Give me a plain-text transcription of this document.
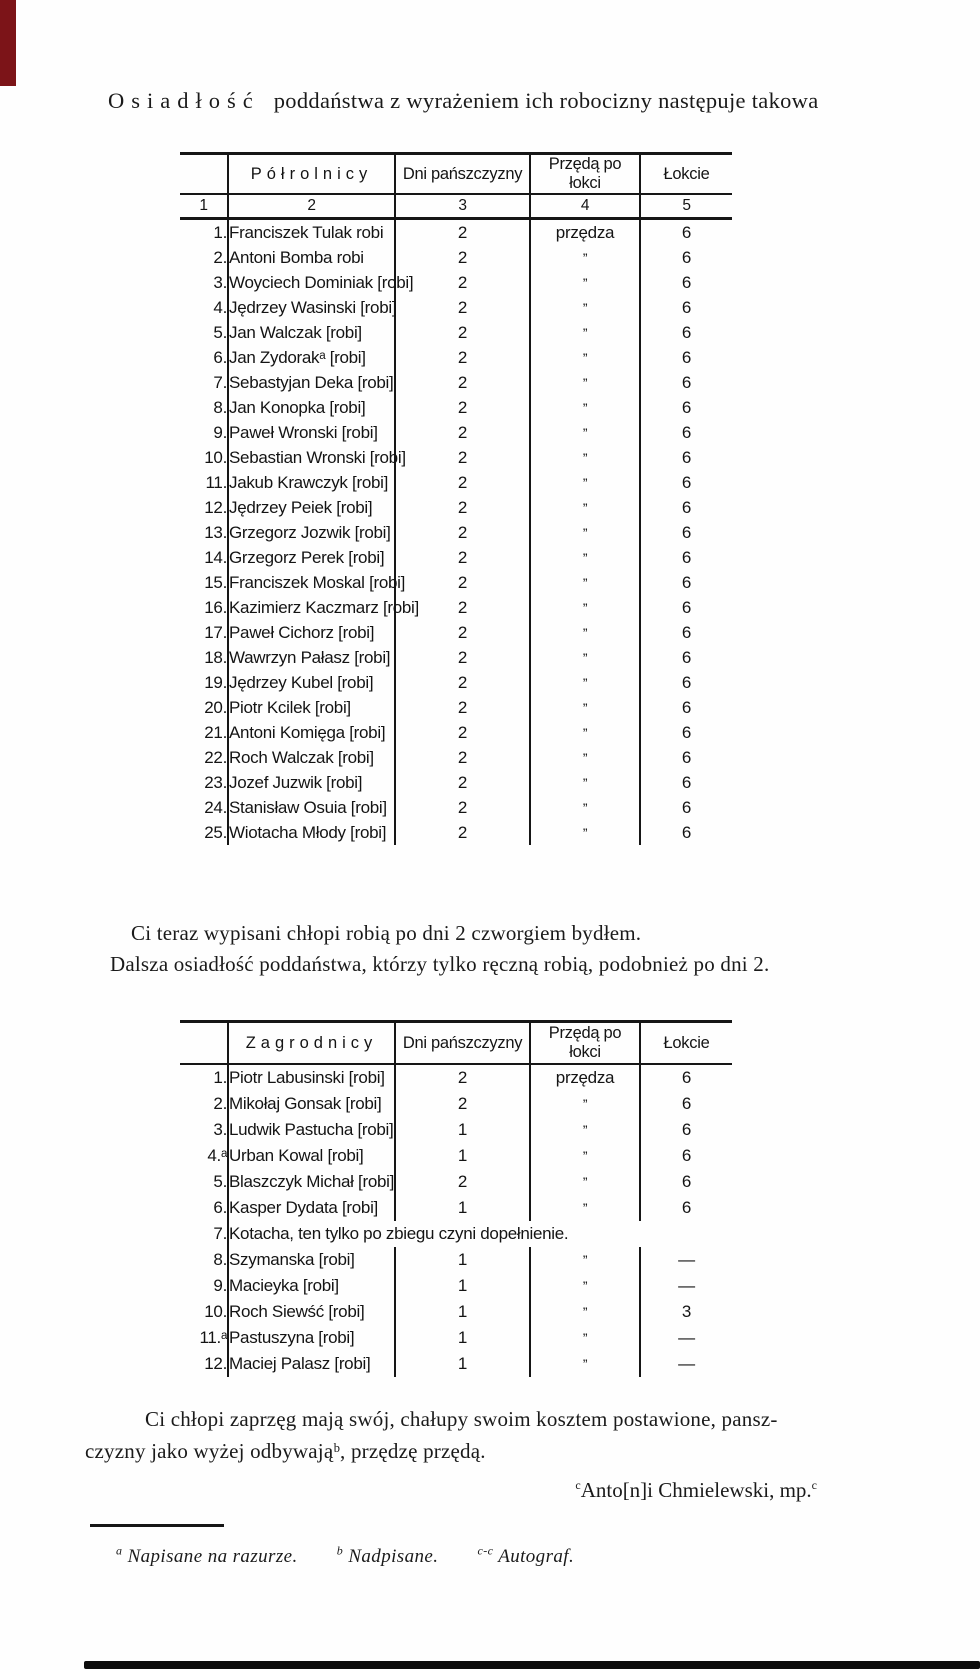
Osiadłość poddaństwa z wyrażeniem ich robocizny następuje takowa
	Półrolnicy	Dni pańszczyzny	Przędą po łokci	Łokcie
1	2	3	4	5
1.	Franciszek Tulak robi	2	przędza	6
2.	Antoni Bomba robi	2	”	6
3.	Woyciech Dominiak [robi]	2	”	6
4.	Jędrzey Wasinski [robi]	2	”	6
5.	Jan Walczak [robi]	2	”	6
6.	Jan Zydorakᵃ [robi]	2	”	6
7.	Sebastyjan Deka [robi]	2	”	6
8.	Jan Konopka [robi]	2	”	6
9.	Paweł Wronski [robi]	2	”	6
10.	Sebastian Wronski [robi]	2	”	6
11.	Jakub Krawczyk [robi]	2	”	6
12.	Jędrzey Peiek [robi]	2	”	6
13.	Grzegorz Jozwik [robi]	2	”	6
14.	Grzegorz Perek [robi]	2	”	6
15.	Franciszek Moskal [robi]	2	”	6
16.	Kazimierz Kaczmarz [robi]	2	”	6
17.	Paweł Cichorz [robi]	2	”	6
18.	Wawrzyn Pałasz [robi]	2	”	6
19.	Jędrzey Kubel [robi]	2	”	6
20.	Piotr Kcilek [robi]	2	”	6
21.	Antoni Komięga [robi]	2	”	6
22.	Roch Walczak [robi]	2	”	6
23.	Jozef Juzwik [robi]	2	”	6
24.	Stanisław Osuia [robi]	2	”	6
25.	Wiotacha Młody [robi]	2	”	6
Ci teraz wypisani chłopi robią po dni 2 czworgiem bydłem.
Dalsza osiadłość poddaństwa, którzy tylko ręczną robią, podobnież po dni 2.
	Zagrodnicy	Dni pańszczyzny	Przędą po łokci	Łokcie
1.	Piotr Labusinski [robi]	2	przędza	6
2.	Mikołaj Gonsak [robi]	2	”	6
3.	Ludwik Pastucha [robi]	1	”	6
4.ᵃ	Urban Kowal [robi]	1	”	6
5.	Blaszczyk Michał [robi]	2	”	6
6.	Kasper Dydata [robi]	1	”	6
7.	Kotacha, ten tylko po zbiegu czyni dopełnienie.			
8.	Szymanska [robi]	1	”	—
9.	Macieyka [robi]	1	”	—
10.	Roch Siewść [robi]	1	”	3
11.ᵃ	Pastuszyna [robi]	1	”	—
12.	Maciej Palasz [robi]	1	”	—
Ci chłopi zaprzęg mają swój, chałupy swoim kosztem postawione, pansz-
czyzny jako wyżej odbywająᵇ, przędzę przędą.
$^c$Anto[n]i Chmielewski, mp.$^c$
$^a$ Napisane na razurze.	$^b$ Nadpisane.	$^{c-c}$ Autograf.
